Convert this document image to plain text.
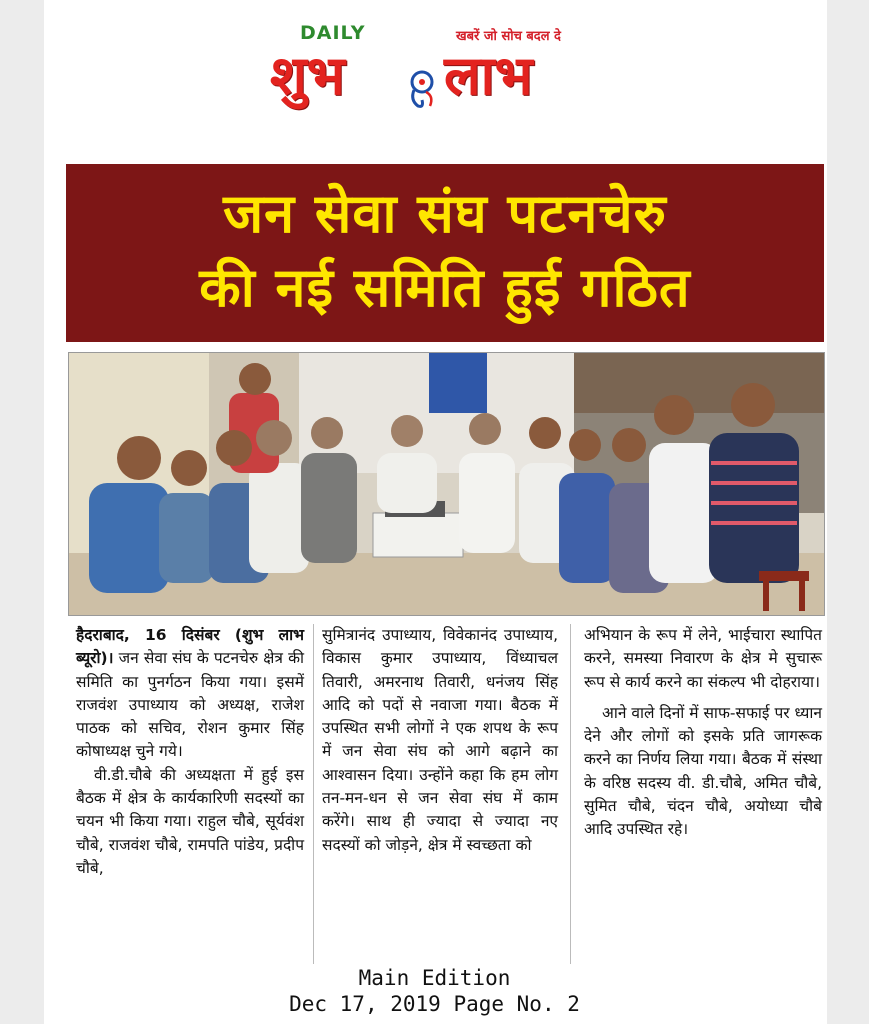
DAILY	खबरें जो सोच बदल दे
शुभ लाभ
जन सेवा संघ पटनचेरु
की नई समिति हुई गठित

हैदराबाद, 16 दिसंबर (शुभ लाभ ब्यूरो)। जन सेवा संघ के पटनचेरु क्षेत्र की समिति का पुनर्गठन किया गया। इसमें राजवंश उपाध्याय को अध्यक्ष, राजेश पाठक को सचिव, रोशन कुमार सिंह कोषाध्यक्ष चुने गये।

वी.डी.चौबे की अध्यक्षता में हुई इस बैठक में क्षेत्र के कार्यकारिणी सदस्यों का चयन भी किया गया। राहुल चौबे, सूर्यवंश चौबे, राजवंश चौबे, रामपति पांडेय, प्रदीप चौबे,

सुमित्रानंद उपाध्याय, विवेकानंद उपाध्याय, विकास कुमार उपाध्याय, विंध्याचल तिवारी, अमरनाथ तिवारी, धनंजय सिंह आदि को पदों से नवाजा गया। बैठक में उपस्थित सभी लोगों ने एक शपथ के रूप में जन सेवा संघ को आगे बढ़ाने का आश्वासन दिया। उन्होंने कहा कि हम लोग तन-मन-धन से जन सेवा संघ में काम करेंगे। साथ ही ज्यादा से ज्यादा नए सदस्यों को जोड़ने, क्षेत्र में स्वच्छता को

अभियान के रूप में लेने, भाईचारा स्थापित करने, समस्या निवारण के क्षेत्र मे सुचारू रूप से कार्य करने का संकल्प भी दोहराया।

आने वाले दिनों में साफ-सफाई पर ध्यान देने और लोगों को इसके प्रति जागरूक करने का निर्णय लिया गया। बैठक में संस्था के वरिष्ठ सदस्य वी. डी.चौबे, अमित चौबे, सुमित चौबे, चंदन चौबे, अयोध्या चौबे आदि उपस्थित रहे।

Main Edition
Dec 17, 2019 Page No. 2
